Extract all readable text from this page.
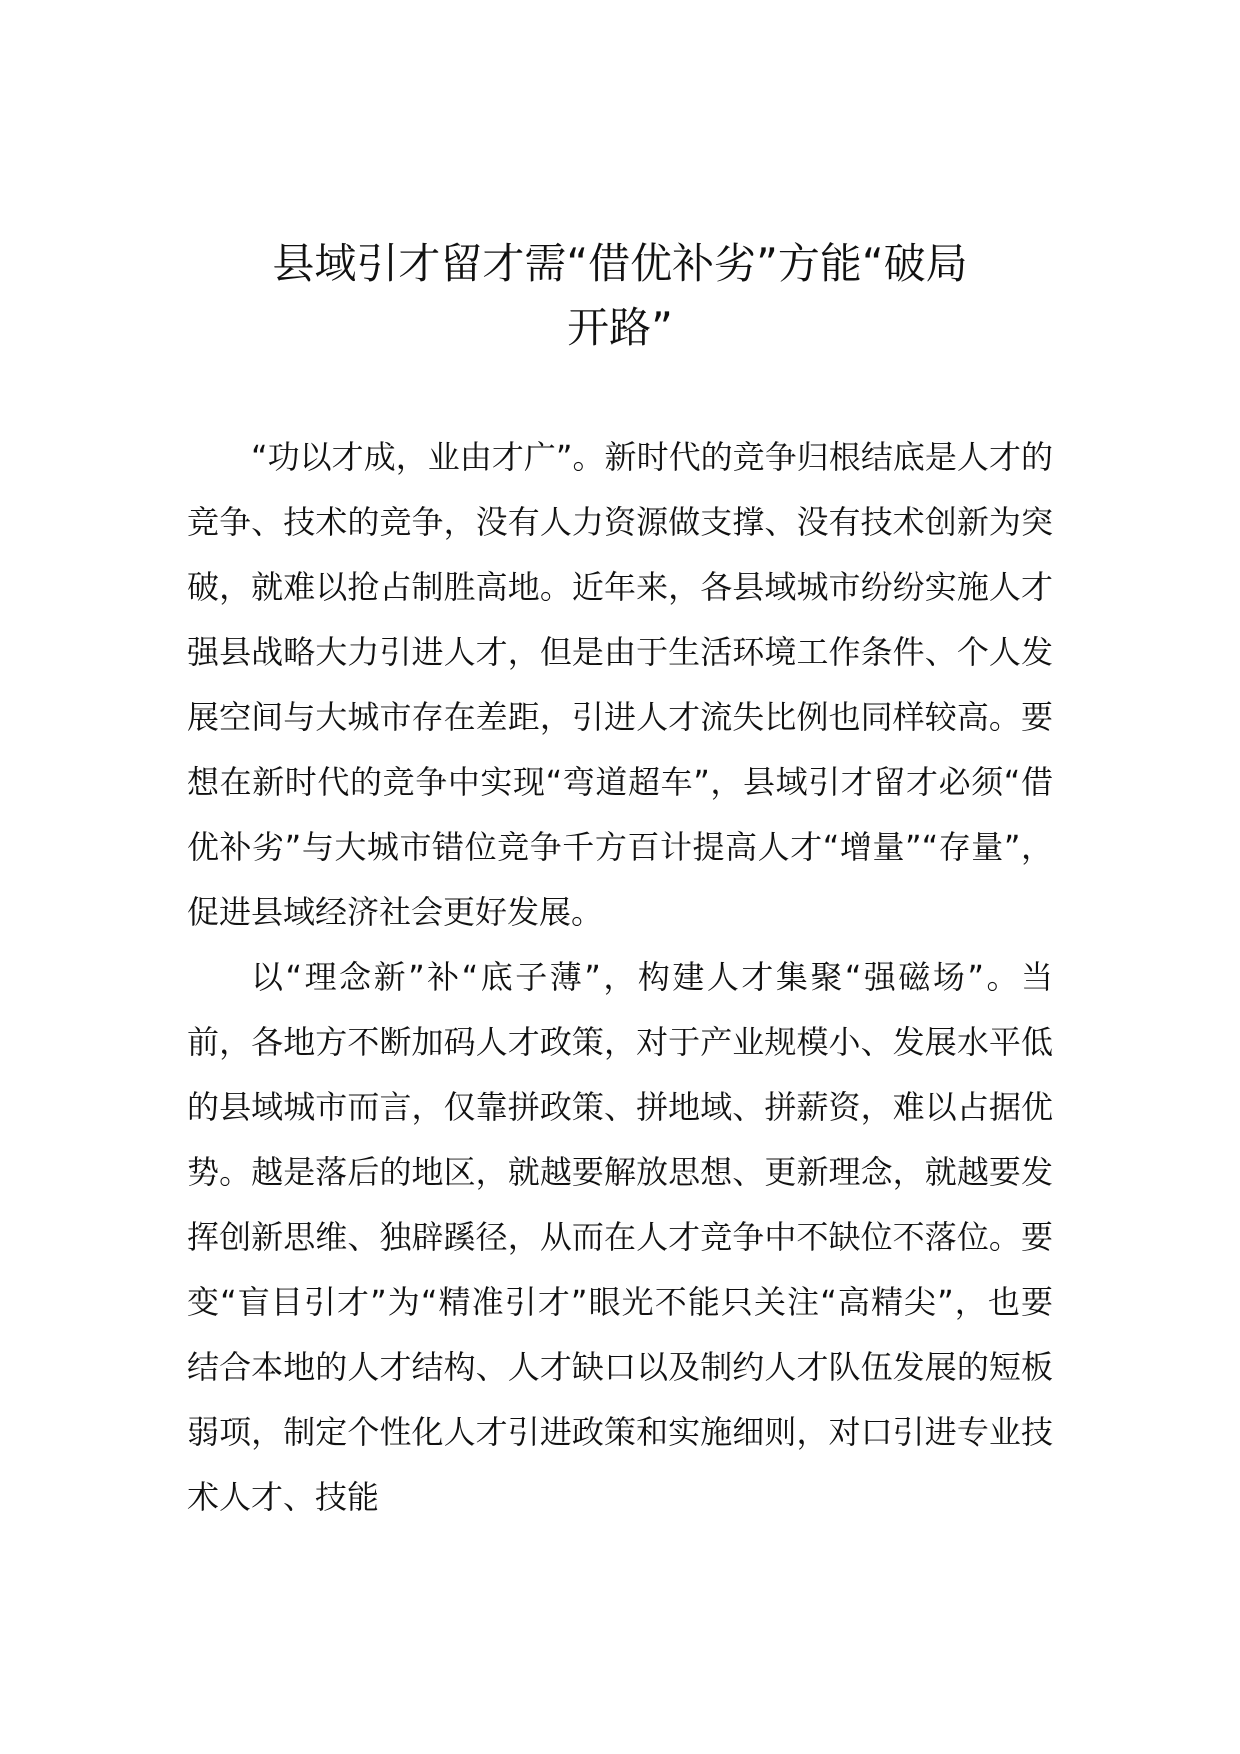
县域引才留才需“借优补劣”方能“破局
开路”

“功以才成，业由才广”。新时代的竞争归根结底是人才的竞争、技术的竞争，没有人力资源做支撑、没有技术创新为突破，就难以抢占制胜高地。近年来，各县域城市纷纷实施人才强县战略大力引进人才，但是由于生活环境工作条件、个人发展空间与大城市存在差距，引进人才流失比例也同样较高。要想在新时代的竞争中实现“弯道超车”，县域引才留才必须“借优补劣”与大城市错位竞争千方百计提高人才“增量”“存量”，促进县域经济社会更好发展。

以“理念新”补“底子薄”，构建人才集聚“强磁场”。当前，各地方不断加码人才政策，对于产业规模小、发展水平低的县域城市而言，仅靠拼政策、拼地域、拼薪资，难以占据优势。越是落后的地区，就越要解放思想、更新理念，就越要发挥创新思维、独辟蹊径，从而在人才竞争中不缺位不落位。要变“盲目引才”为“精准引才”眼光不能只关注“高精尖”，也要结合本地的人才结构、人才缺口以及制约人才队伍发展的短板弱项，制定个性化人才引进政策和实施细则，对口引进专业技术人才、技能
